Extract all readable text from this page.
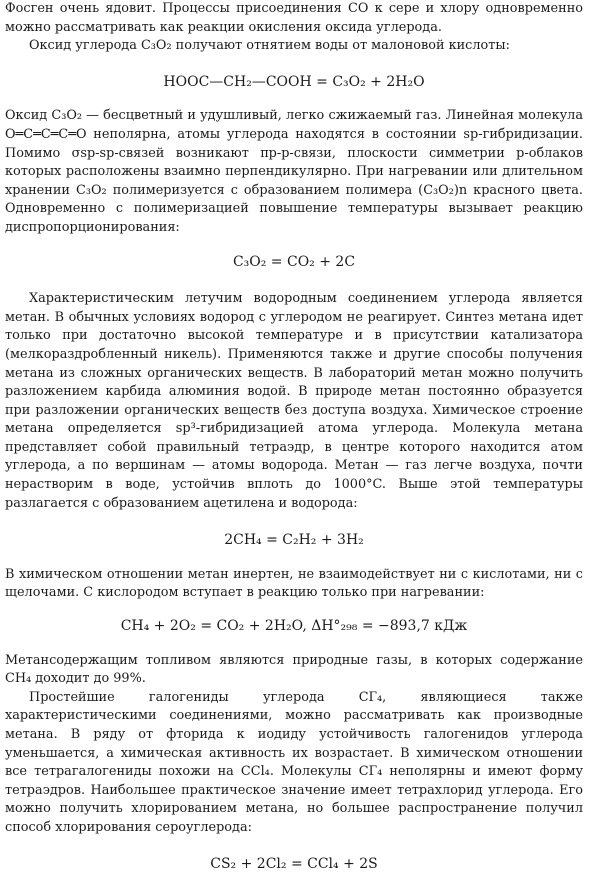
Фосген очень ядовит. Процессы присоединения CO к сере и хлору одновременно можно рассматривать как реакции окисления оксида углерода.

Оксид углерода C₃O₂ получают отнятием воды от малоновой кислоты:

HOOC—CH₂—COOH = C₃O₂ + 2H₂O

Оксид C₃O₂ — бесцветный и удушливый, легко сжижаемый газ. Линейная молекула O═C═C═C═O неполярна, атомы углерода находятся в состоянии sp-гибридизации. Помимо σsp-sp-связей возникают πp-p-связи, плоскости симметрии p-облаков которых расположены взаимно перпендикулярно. При нагревании или длительном хранении C₃O₂ полимеризуется с образованием полимера (C₃O₂)n красного цвета. Одновременно с полимеризацией повышение температуры вызывает реакцию диспропорционирования:

C₃O₂ = CO₂ + 2C

Характеристическим летучим водородным соединением углерода является метан. В обычных условиях водород с углеродом не реагирует. Синтез метана идет только при достаточно высокой температуре и в присутствии катализатора (мелкораздробленный никель). Применяются также и другие способы получения метана из сложных органических веществ. В лабораторий метан можно получить разложением карбида алюминия водой. В природе метан постоянно образуется при разложении органических веществ без доступа воздуха. Химическое строение метана определяется sp³-гибридизацией атома углерода. Молекула метана представляет собой правильный тетраэдр, в центре которого находится атом углерода, а по вершинам — атомы водорода. Метан — газ легче воздуха, почти нерастворим в воде, устойчив вплоть до 1000°C. Выше этой температуры разлагается с образованием ацетилена и водорода:

2CH₄ = C₂H₂ + 3H₂

В химическом отношении метан инертен, не взаимодействует ни с кислотами, ни с щелочами. С кислородом вступает в реакцию только при нагревании:

CH₄ + 2O₂ = CO₂ + 2H₂O, ΔH°₂₉₈ = −893,7 кДж

Метансодержащим топливом являются природные газы, в которых содержание CH₄ доходит до 99%.

Простейшие галогениды углерода CГ₄, являющиеся также характеристическими соединениями, можно рассматривать как производные метана. В ряду от фторида к иодиду устойчивость галогенидов углерода уменьшается, а химическая активность их возрастает. В химическом отношении все тетрагалогениды похожи на CCl₄. Молекулы CГ₄ неполярны и имеют форму тетраэдров. Наибольшее практическое значение имеет тетрахлорид углерода. Его можно получить хлорированием метана, но большее распространение получил способ хлорирования сероуглерода:

CS₂ + 2Cl₂ = CCl₄ + 2S
